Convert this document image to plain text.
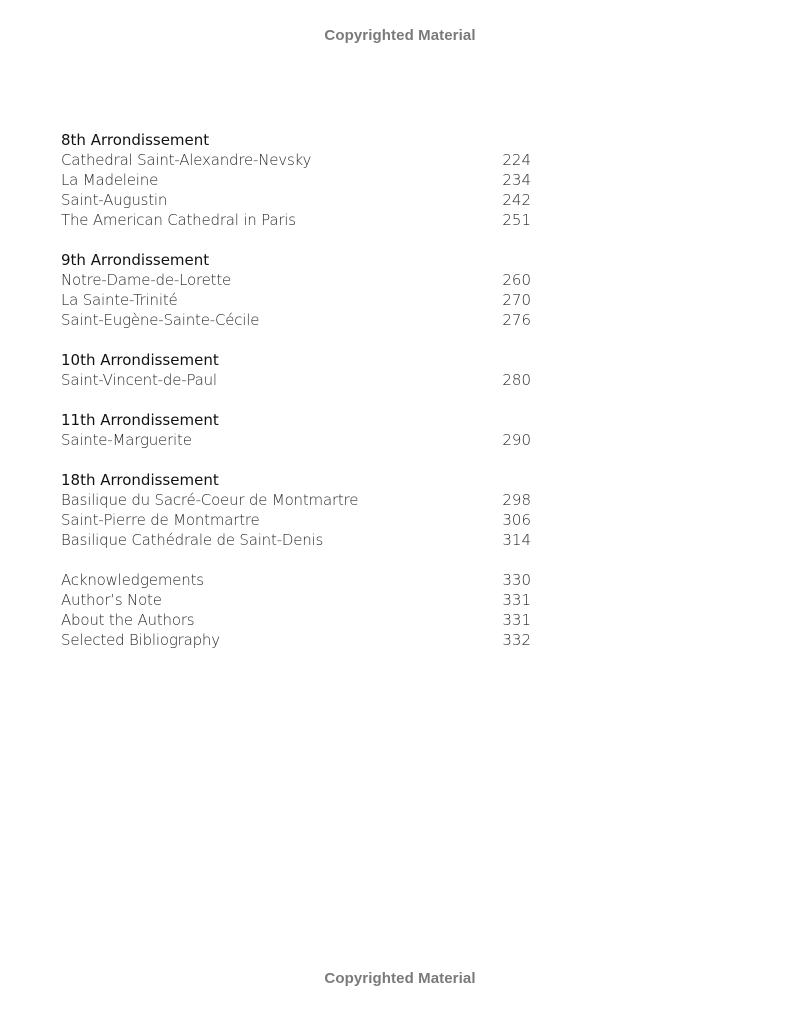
Copyrighted Material
8th Arrondissement
Cathedral Saint-Alexandre-Nevsky	224
La Madeleine	234
Saint-Augustin	242
The American Cathedral in Paris	251
9th Arrondissement
Notre-Dame-de-Lorette	260
La Sainte-Trinité	270
Saint-Eugène-Sainte-Cécile	276
10th Arrondissement
Saint-Vincent-de-Paul	280
11th Arrondissement
Sainte-Marguerite	290
18th Arrondissement
Basilique du Sacré-Coeur de Montmartre	298
Saint-Pierre de Montmartre	306
Basilique Cathédrale de Saint-Denis	314
Acknowledgements	330
Author’s Note	331
About the Authors	331
Selected Bibliography	332
Copyrighted Material
